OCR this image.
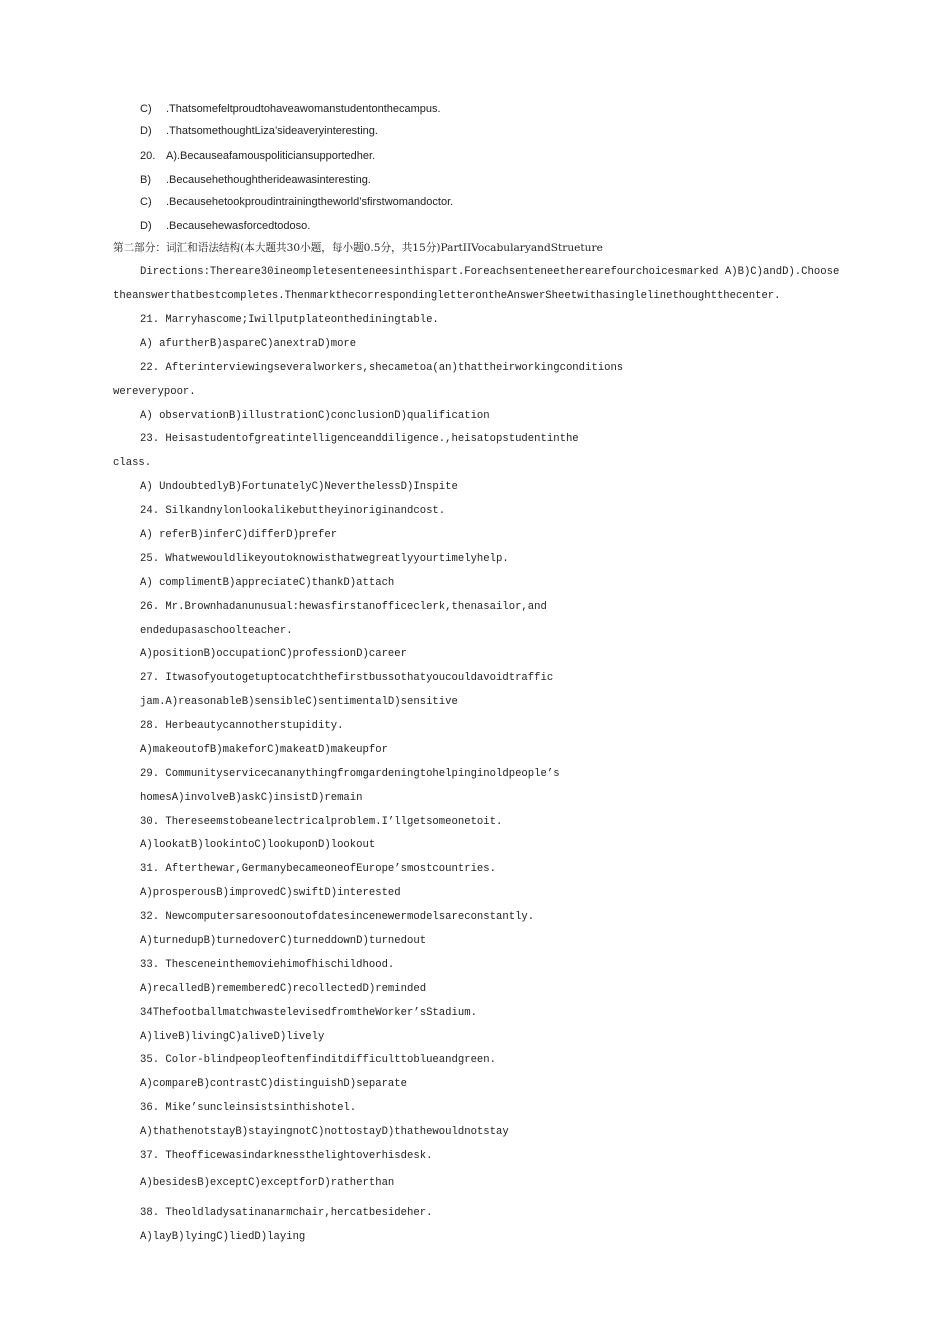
C) .Thatsomefeltproudtohaveawomanstudentonthecampus.
D) .ThatsomethoughtLiza’sideaveryinteresting.
20. A).Becauseafamouspoliticiansupportedher.
B) .Becausehethoughtherideawasinteresting.
C) .Becausehetookproudintrainingtheworld’sfirstwomandoctor.
D) .Becausehewasforcedtodoso.
第二部分：词汇和语法结构(本大题共30小题，每小题0.5分，共15分)PartIIVocabularyandStrueture
Directions:Thereare30ineompletesenteneesinthispart.Foreachsenteneetherearefourchoicesmarked A)B)C)andD).Choose
theanswerthatbestcompletes.ThenmarkthecorrespondingletterontheAnswerSheetwithasinglelinethoughtthecenter.
21. Marryhascome;Iwillputplateonthediningtable.
A) afurtherB)aspareC)anextraD)more
22. Afterinterviewingseveralworkers,shecametoa(an)thattheirworkingconditions
wereverypoor.
A) observationB)illustrationC)conclusionD)qualification
23. Heisastudentofgreatintelligenceanddiligence.,heisatopstudentinthe
class.
A) UndoubtedlyB)FortunatelyC)NeverthelessD)Inspite
24. Silkandnylonlookalikebuttheyinoriginandcost.
A) referB)inferC)differD)prefer
25. Whatwewouldlikeyoutoknowisthatwegreatlyyourtimelyhelp.
A) complimentB)appreciateC)thankD)attach
26. Mr.Brownhadanunusual:hewasfirstanofficeclerk,thenasailor,and
endedupasaschoolteacher.
A)positionB)occupationC)professionD)career
27. Itwasofyoutogetuptocatchthefirstbussothatyoucouldavoidtraffic
jam.A)reasonableB)sensibleC)sentimentalD)sensitive
28. Herbeautycannotherstupidity.
A)makeoutofB)makeforC)makeatD)makeupfor
29. Communityservicecananythingfromgardeningtohelpinginoldpeople’s
homesA)involveB)askC)insistD)remain
30. Thereseemstobeanelectricalproblem.I’llgetsomeonetoit.
A)lookatB)lookintoC)lookuponD)lookout
31. Afterthewar,GermanybecameoneofEurope’smostcountries.
A)prosperousB)improvedC)swiftD)interested
32. Newcomputersaresoonoutofdatesincenewermodelsareconstantly.
A)turnedupB)turnedoverC)turneddownD)turnedout
33. Thesceneinthemoviehimofhischildhood.
A)recalledB)rememberedC)recollectedD)reminded
34ThefootballmatchwastelevisedfromtheWorker’sStadium.
A)liveB)livingC)aliveD)lively
35. Color-blindpeopleoftenfinditdifficulttoblueandgreen.
A)compareB)contrastC)distinguishD)separate
36. Mike’suncleinsistsinthishotel.
A)thathenotstayB)stayingnotC)nottostayD)thathewouldnotstay
37. Theofficewasindarknessthelightoverhisdesk.
A)besidesB)exceptC)exceptforD)ratherthan
38. Theoldladysatinanarmchair,hercatbesideher.
A)layB)lyingC)liedD)laying
